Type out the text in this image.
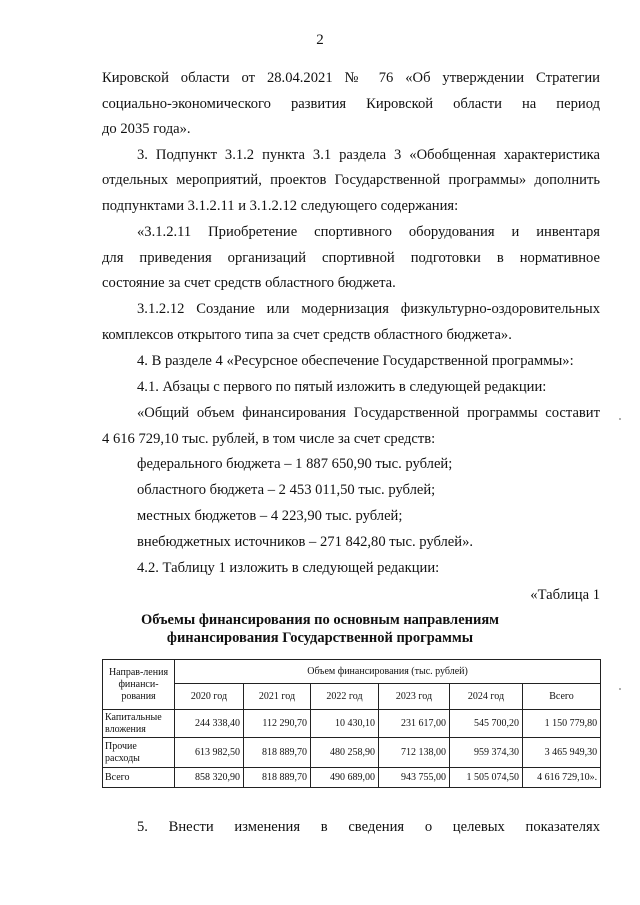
2
Кировской области от 28.04.2021 № 76 «Об утверждении Стратегии
социально-экономического развития Кировской области на период
до 2035 года».
3. Подпункт 3.1.2 пункта 3.1 раздела 3 «Обобщенная характеристика
отдельных мероприятий, проектов Государственной программы» дополнить
подпунктами 3.1.2.11 и 3.1.2.12 следующего содержания:
«3.1.2.11 Приобретение спортивного оборудования и инвентаря
для приведения организаций спортивной подготовки в нормативное
состояние за счет средств областного бюджета.
3.1.2.12 Создание или модернизация физкультурно-оздоровительных
комплексов открытого типа за счет средств областного бюджета».
4. В разделе 4 «Ресурсное обеспечение Государственной программы»:
4.1. Абзацы с первого по пятый изложить в следующей редакции:
«Общий объем финансирования Государственной программы составит
4 616 729,10 тыс. рублей, в том числе за счет средств:
федерального бюджета – 1 887 650,90 тыс. рублей;
областного бюджета – 2 453 011,50 тыс. рублей;
местных бюджетов – 4 223,90 тыс. рублей;
внебюджетных источников – 271 842,80 тыс. рублей».
4.2. Таблицу 1 изложить в следующей редакции:
«Таблица 1
Объемы финансирования по основным направлениям
финансирования Государственной программы
Направ-ления финанси-рования	Объем финансирования (тыс. рублей)					
	2020 год	2021 год	2022 год	2023 год	2024 год	Всего
Капитальные вложения	244 338,40	112 290,70	10 430,10	231 617,00	545 700,20	1 150 779,80
Прочие расходы	613 982,50	818 889,70	480 258,90	712 138,00	959 374,30	3 465 949,30
Всего	858 320,90	818 889,70	490 689,00	943 755,00	1 505 074,50	4 616 729,10».
5. Внести изменения в сведения о целевых показателях
